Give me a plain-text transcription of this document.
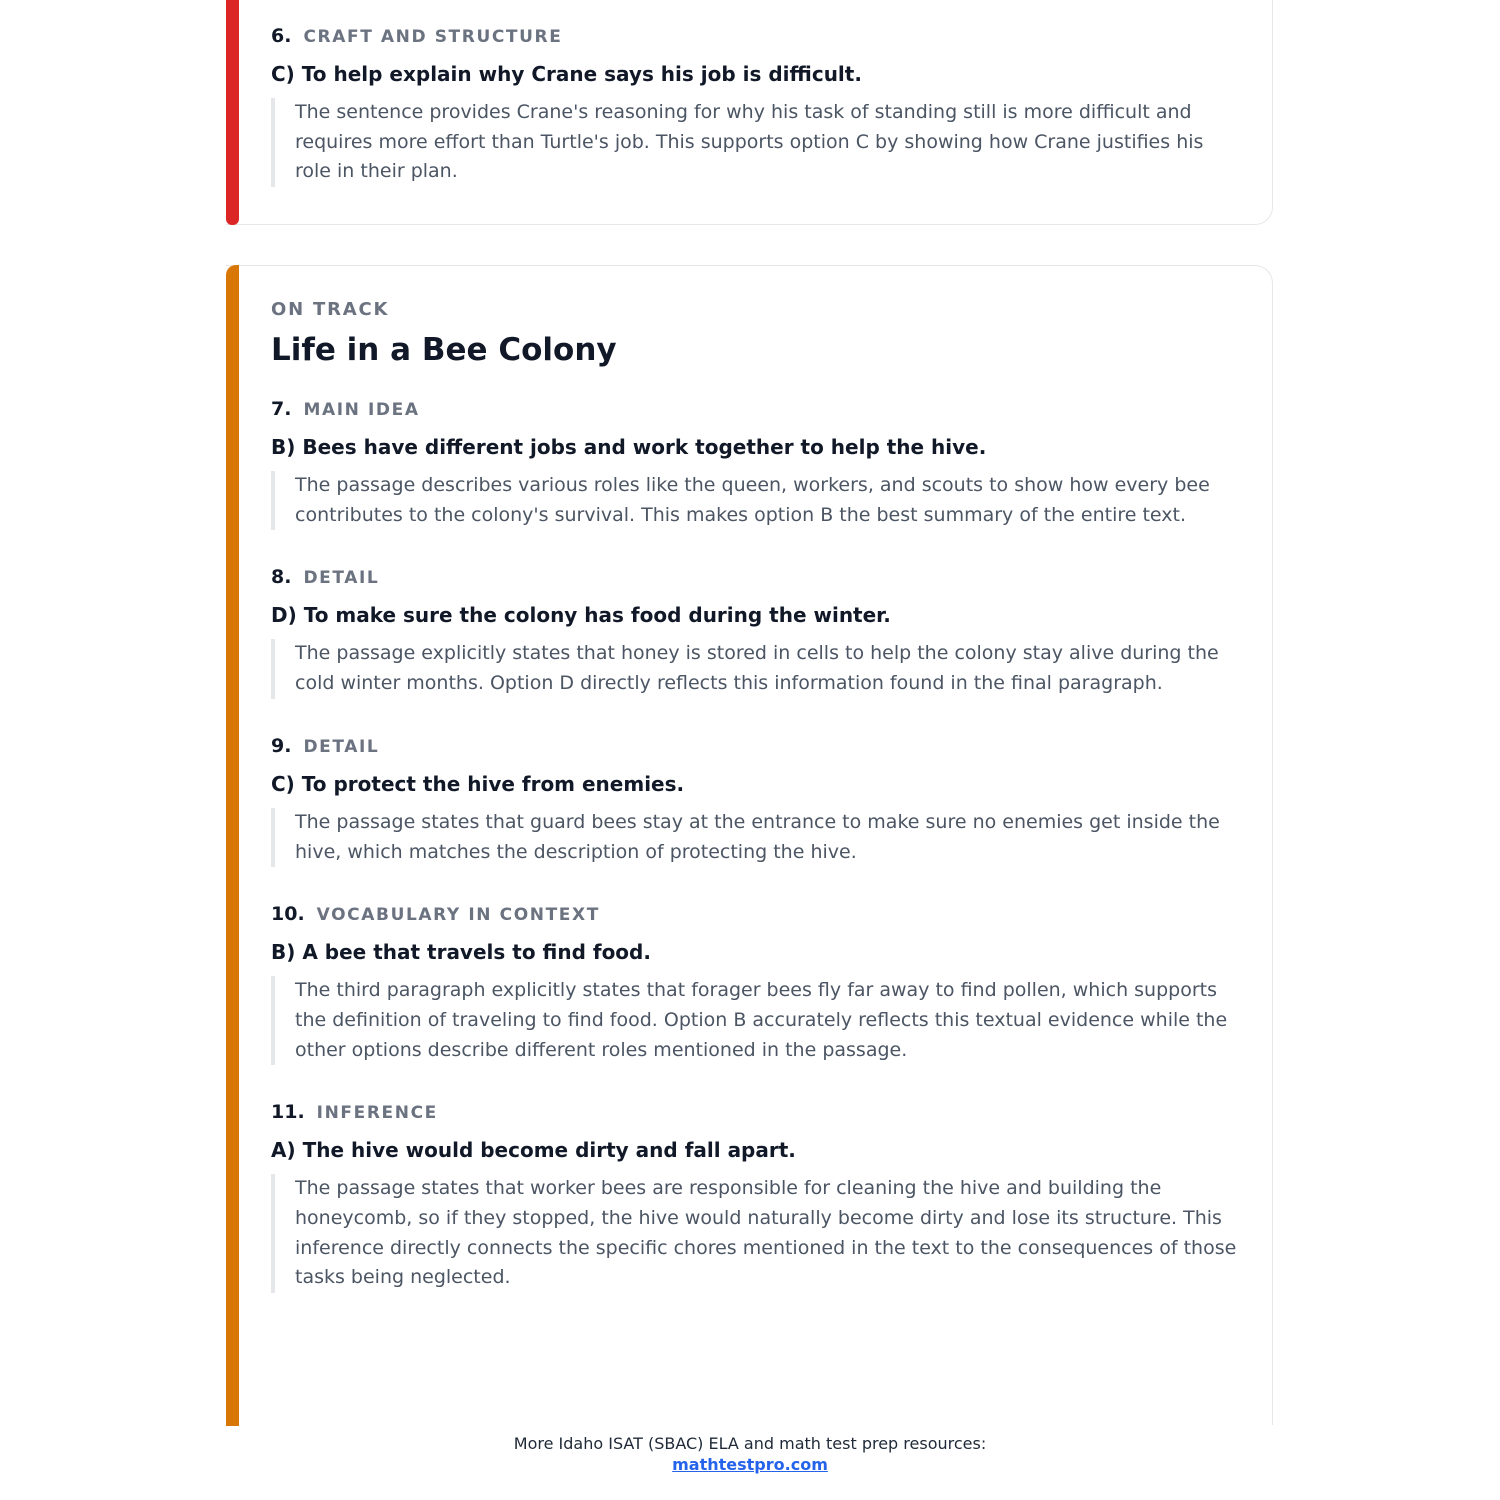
6. CRAFT AND STRUCTURE
C) To help explain why Crane says his job is difficult.
The sentence provides Crane's reasoning for why his task of standing still is more difficult and requires more effort than Turtle's job. This supports option C by showing how Crane justifies his role in their plan.
ON TRACK
Life in a Bee Colony
7. MAIN IDEA
B) Bees have different jobs and work together to help the hive.
The passage describes various roles like the queen, workers, and scouts to show how every bee contributes to the colony's survival. This makes option B the best summary of the entire text.
8. DETAIL
D) To make sure the colony has food during the winter.
The passage explicitly states that honey is stored in cells to help the colony stay alive during the cold winter months. Option D directly reflects this information found in the final paragraph.
9. DETAIL
C) To protect the hive from enemies.
The passage states that guard bees stay at the entrance to make sure no enemies get inside the hive, which matches the description of protecting the hive.
10. VOCABULARY IN CONTEXT
B) A bee that travels to find food.
The third paragraph explicitly states that forager bees fly far away to find pollen, which supports the definition of traveling to find food. Option B accurately reflects this textual evidence while the other options describe different roles mentioned in the passage.
11. INFERENCE
A) The hive would become dirty and fall apart.
The passage states that worker bees are responsible for cleaning the hive and building the honeycomb, so if they stopped, the hive would naturally become dirty and lose its structure. This inference directly connects the specific chores mentioned in the text to the consequences of those tasks being neglected.
More Idaho ISAT (SBAC) ELA and math test prep resources:
mathtestpro.com
